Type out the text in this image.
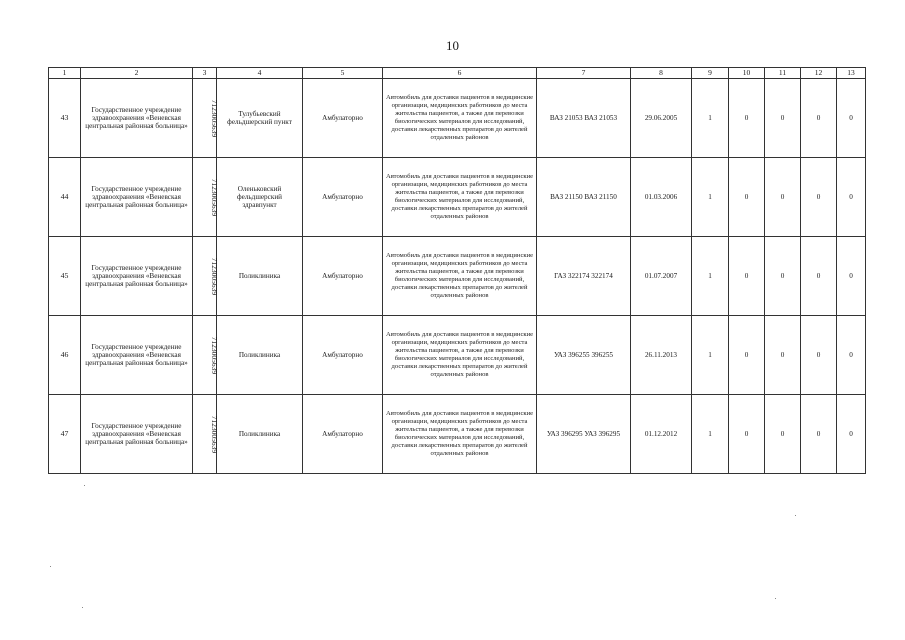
10
1	2	3	4	5	6	7	8	9	10	11	12	13
43	Государственное учреждение здравоохранения «Веневская центральная районная больница»	7123005639	Тулубьевский фельдшерский пункт	Амбулаторно	Автомобиль для доставки пациентов в медицинские организации, медицинских работников до места жительства пациентов, а также для перевозки биологических материалов для исследований, доставки лекарственных препаратов до жителей отдаленных районов	ВАЗ 21053 ВАЗ 21053	29.06.2005	1	0	0	0	0
44	Государственное учреждение здравоохранения «Веневская центральная районная больница»	7123005639	Оленьковский фельдшерский здравпункт	Амбулаторно	Автомобиль для доставки пациентов в медицинские организации, медицинских работников до места жительства пациентов, а также для перевозки биологических материалов для исследований, доставки лекарственных препаратов до жителей отдаленных районов	ВАЗ 21150 ВАЗ 21150	01.03.2006	1	0	0	0	0
45	Государственное учреждение здравоохранения «Веневская центральная районная больница»	7123005639	Поликлиника	Амбулаторно	Автомобиль для доставки пациентов в медицинские организации, медицинских работников до места жительства пациентов, а также для перевозки биологических материалов для исследований, доставки лекарственных препаратов до жителей отдаленных районов	ГАЗ 322174 322174	01.07.2007	1	0	0	0	0
46	Государственное учреждение здравоохранения «Веневская центральная районная больница»	7123005639	Поликлиника	Амбулаторно	Автомобиль для доставки пациентов в медицинские организации, медицинских работников до места жительства пациентов, а также для перевозки биологических материалов для исследований, доставки лекарственных препаратов до жителей отдаленных районов	УАЗ 396255 396255	26.11.2013	1	0	0	0	0
47	Государственное учреждение здравоохранения «Веневская центральная районная больница»	7123005639	Поликлиника	Амбулаторно	Автомобиль для доставки пациентов в медицинские организации, медицинских работников до места жительства пациентов, а также для перевозки биологических материалов для исследований, доставки лекарственных препаратов до жителей отдаленных районов	УАЗ 396295 УАЗ 396295	01.12.2012	1	0	0	0	0
